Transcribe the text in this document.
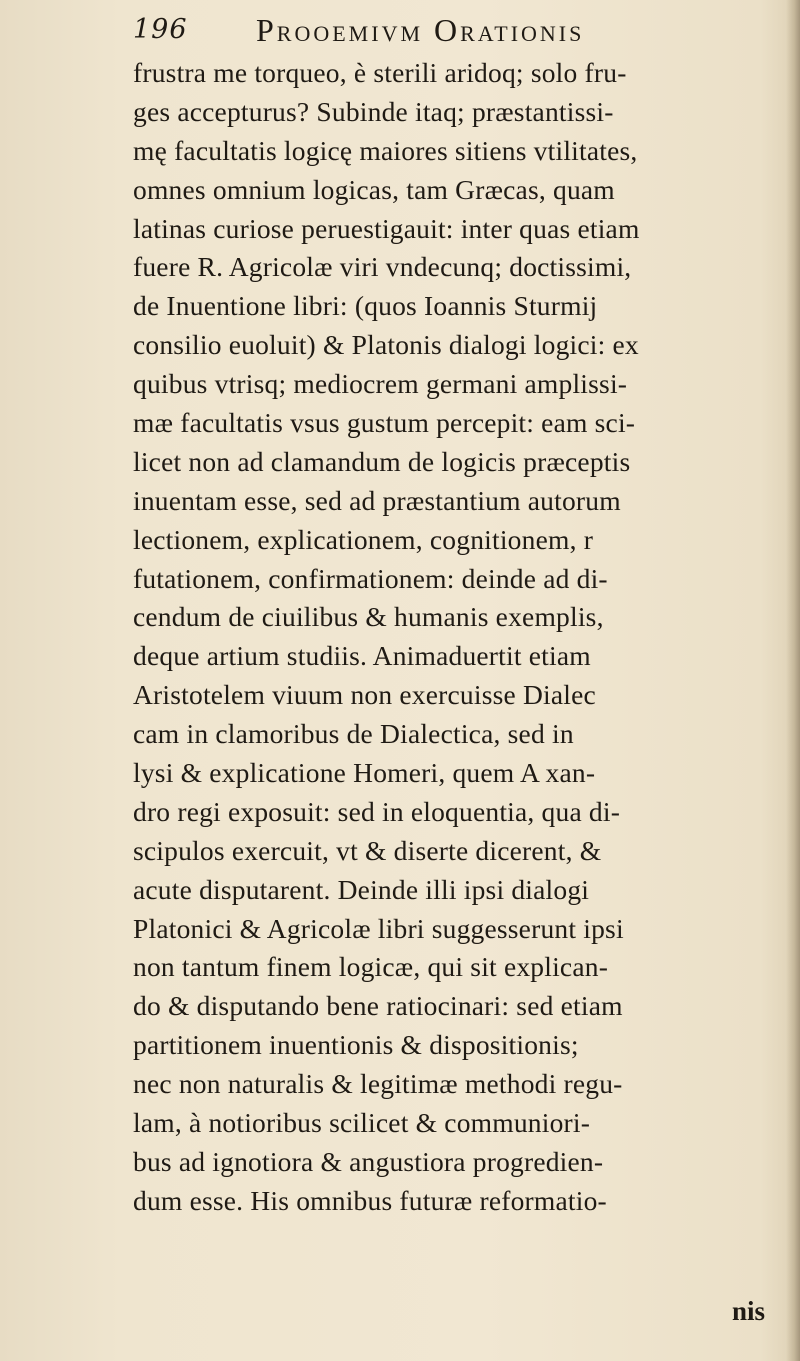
196 Prooemivm Orationis
frustra me torqueo, è sterili aridoq; solo fru-
ges accepturus? Subinde itaq; præstantissi-
mę facultatis logicę maiores sitiens vtilitates,
omnes omnium logicas, tam Græcas, quam
latinas curiose peruestigauit: inter quas etiam
fuere R. Agricolæ viri vndecunq; doctissimi,
de Inuentione libri: (quos Ioannis Sturmij
consilio euoluit) & Platonis dialogi logici: ex
quibus vtrisq; mediocrem germani amplissi-
mæ facultatis vsus gustum percepit: eam sci-
licet non ad clamandum de logicis præceptis
inuentam esse, sed ad præstantium autorum
lectionem, explicationem, cognitionem, r
futationem, confirmationem: deinde ad di-
cendum de ciuilibus & humanis exemplis,
deque artium studiis. Animaduertit etiam
Aristotelem viuum non exercuisse Dialec
cam in clamoribus de Dialectica, sed in
lysi & explicatione Homeri, quem A xan-
dro regi exposuit: sed in eloquentia, qua di-
scipulos exercuit, vt & diserte dicerent, &
acute disputarent. Deinde illi ipsi dialogi
Platonici & Agricolæ libri suggesserunt ipsi
non tantum finem logicæ, qui sit explican-
do & disputando bene ratiocinari: sed etiam
partitionem inuentionis & dispositionis;
nec non naturalis & legitimæ methodi regu-
lam, à notioribus scilicet & communiori-
bus ad ignotiora & angustiora progredien-
dum esse. His omnibus futuræ reformatio-
nis
